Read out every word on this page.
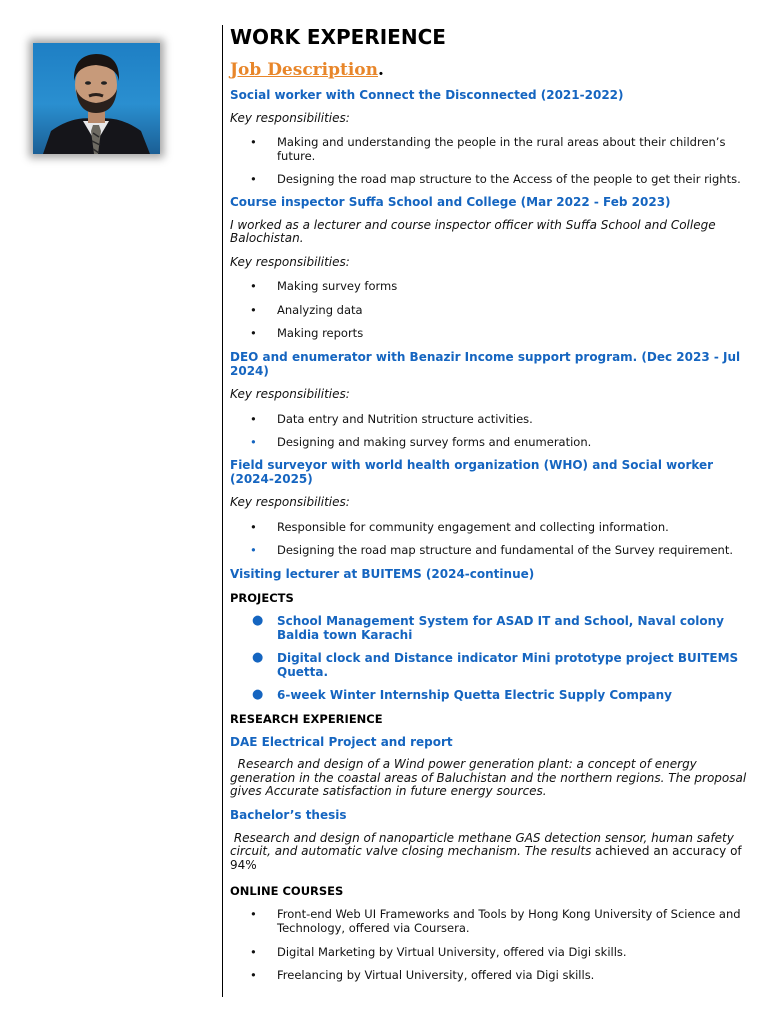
WORK EXPERIENCE
Job Description.

Social worker with Connect the Disconnected (2021-2022)

Key responsibilities:

• Making and understanding the people in the rural areas about their children’s future.
• Designing the road map structure to the Access of the people to get their rights.

Course inspector Suffa School and College (Mar 2022 - Feb 2023)

I worked as a lecturer and course inspector officer with Suffa School and College Balochistan.

Key responsibilities:

• Making survey forms
• Analyzing data
• Making reports

DEO and enumerator with Benazir Income support program. (Dec 2023 - Jul 2024)

Key responsibilities:

• Data entry and Nutrition structure activities.
• Designing and making survey forms and enumeration.

Field surveyor with world health organization (WHO) and Social worker (2024-2025)

Key responsibilities:

• Responsible for community engagement and collecting information.
• Designing the road map structure and fundamental of the Survey requirement.

Visiting lecturer at BUITEMS (2024-continue)

PROJECTS

● School Management System for ASAD IT and School, Naval colony Baldia town Karachi
● Digital clock and Distance indicator Mini prototype project BUITEMS Quetta.
● 6-week Winter Internship Quetta Electric Supply Company

RESEARCH EXPERIENCE

DAE Electrical Project and report

Research and design of a Wind power generation plant: a concept of energy generation in the coastal areas of Baluchistan and the northern regions. The proposal gives Accurate satisfaction in future energy sources.

Bachelor’s thesis

Research and design of nanoparticle methane GAS detection sensor, human safety circuit, and automatic valve closing mechanism. The results achieved an accuracy of 94%

ONLINE COURSES

• Front-end Web UI Frameworks and Tools by Hong Kong University of Science and Technology, offered via Coursera.
• Digital Marketing by Virtual University, offered via Digi skills.
• Freelancing by Virtual University, offered via Digi skills.
